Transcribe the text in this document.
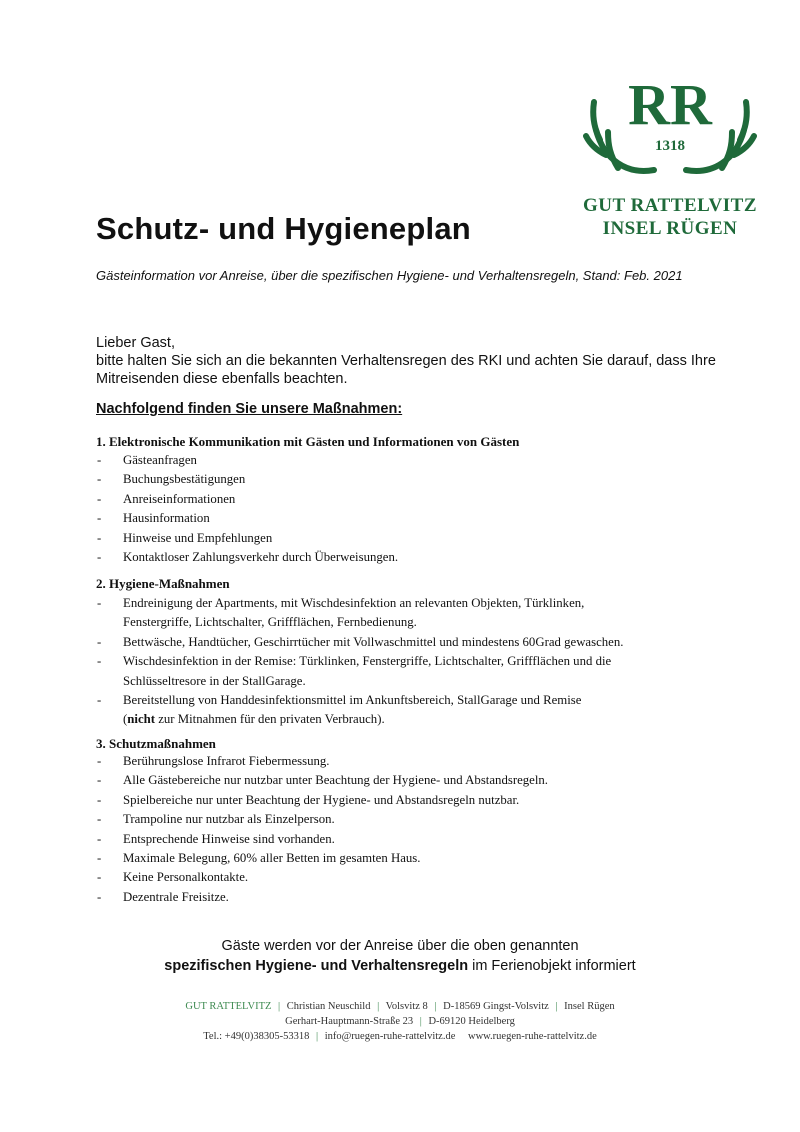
RR
1318
GUT RATTELVITZ
INSEL RÜGEN
Schutz- und Hygieneplan
Gästeinformation vor Anreise, über die spezifischen Hygiene- und Verhaltensregeln, Stand: Feb. 2021
Lieber Gast,
bitte halten Sie sich an die bekannten Verhaltensregen des RKI und achten Sie darauf, dass Ihre Mitreisenden diese ebenfalls beachten.
Nachfolgend finden Sie unsere Maßnahmen:
1. Elektronische Kommunikation mit Gästen und Informationen von Gästen
- Gästeanfragen
- Buchungsbestätigungen
- Anreiseinformationen
- Hausinformation
- Hinweise und Empfehlungen
- Kontaktloser Zahlungsverkehr durch Überweisungen.
2. Hygiene-Maßnahmen
- Endreinigung der Apartments, mit Wischdesinfektion an relevanten Objekten, Türklinken, Fenstergriffe, Lichtschalter, Griffflächen, Fernbedienung.
- Bettwäsche, Handtücher, Geschirrtücher mit Vollwaschmittel und mindestens 60Grad gewaschen.
- Wischdesinfektion in der Remise: Türklinken, Fenstergriffe, Lichtschalter, Griffflächen und die Schlüsseltresore in der StallGarage.
- Bereitstellung von Handdesinfektionsmittel im Ankunftsbereich, StallGarage und Remise
(nicht zur Mitnahmen für den privaten Verbrauch).
3. Schutzmaßnahmen
- Berührungslose Infrarot Fiebermessung.
- Alle Gästebereiche nur nutzbar unter Beachtung der Hygiene- und Abstandsregeln.
- Spielbereiche nur unter Beachtung der Hygiene- und Abstandsregeln nutzbar.
- Trampoline nur nutzbar als Einzelperson.
- Entsprechende Hinweise sind vorhanden.
- Maximale Belegung, 60% aller Betten im gesamten Haus.
- Keine Personalkontakte.
- Dezentrale Freisitze.
Gäste werden vor der Anreise über die oben genannten
spezifischen Hygiene- und Verhaltensregeln im Ferienobjekt informiert
GUT RATTELVITZ | Christian Neuschild | Volsvitz 8 | D-18569 Gingst-Volsvitz | Insel Rügen
Gerhart-Hauptmann-Straße 23 | D-69120 Heidelberg
Tel.: +49(0)38305-53318 | info@ruegen-ruhe-rattelvitz.de www.ruegen-ruhe-rattelvitz.de
